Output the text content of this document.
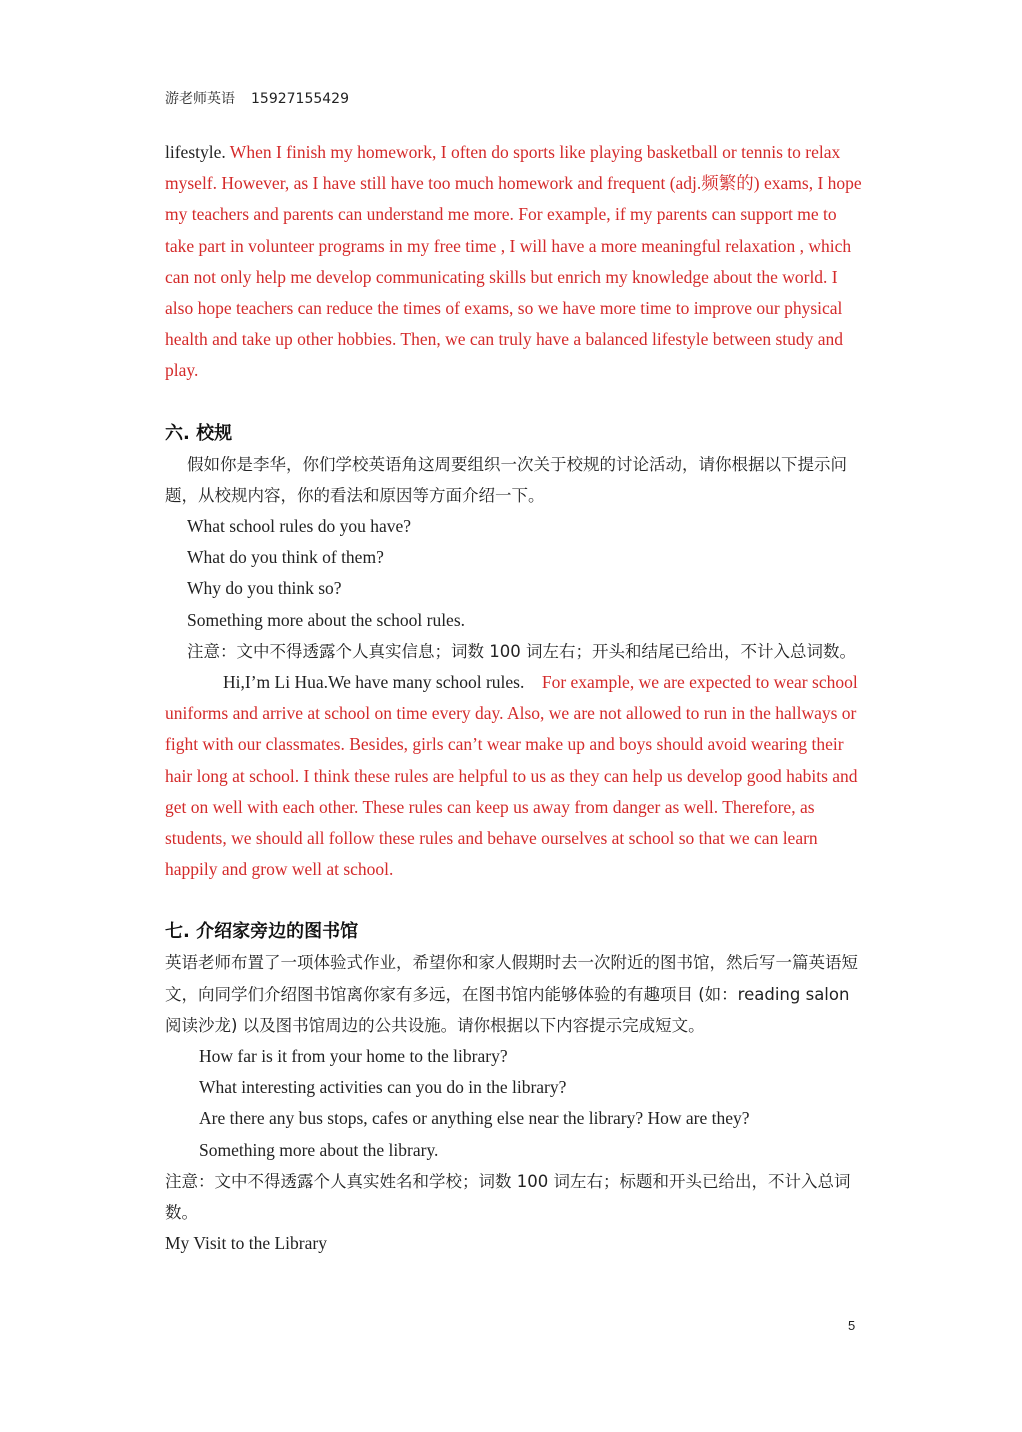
游老师英语 15927155429

lifestyle. When I finish my homework, I often do sports like playing basketball or tennis to relax myself. However, as I have still have too much homework and frequent (adj.频繁的) exams, I hope my teachers and parents can understand me more. For example, if my parents can support me to take part in volunteer programs in my free time , I will have a more meaningful relaxation , which can not only help me develop communicating skills but enrich my knowledge about the world. I also hope teachers can reduce the times of exams, so we have more time to improve our physical health and take up other hobbies. Then, we can truly have a balanced lifestyle between study and play.

六. 校规

假如你是李华，你们学校英语角这周要组织一次关于校规的讨论活动，请你根据以下提示问题，从校规内容，你的看法和原因等方面介绍一下。

What school rules do you have?

What do you think of them?

Why do you think so?

Something more about the school rules.

注意：文中不得透露个人真实信息；词数 100 词左右；开头和结尾已给出，不计入总词数。

Hi,I’m Li Hua.We have many school rules. For example, we are expected to wear school uniforms and arrive at school on time every day. Also, we are not allowed to run in the hallways or fight with our classmates. Besides, girls can’t wear make up and boys should avoid wearing their hair long at school. I think these rules are helpful to us as they can help us develop good habits and get on well with each other. These rules can keep us away from danger as well. Therefore, as students, we should all follow these rules and behave ourselves at school so that we can learn happily and grow well at school.

七. 介绍家旁边的图书馆

英语老师布置了一项体验式作业，希望你和家人假期时去一次附近的图书馆，然后写一篇英语短文，向同学们介绍图书馆离你家有多远，在图书馆内能够体验的有趣项目 (如：reading salon 阅读沙龙) 以及图书馆周边的公共设施。请你根据以下内容提示完成短文。

How far is it from your home to the library?

What interesting activities can you do in the library?

Are there any bus stops, cafes or anything else near the library? How are they?

Something more about the library.

注意：文中不得透露个人真实姓名和学校；词数 100 词左右；标题和开头已给出，不计入总词数。

My Visit to the Library

5
